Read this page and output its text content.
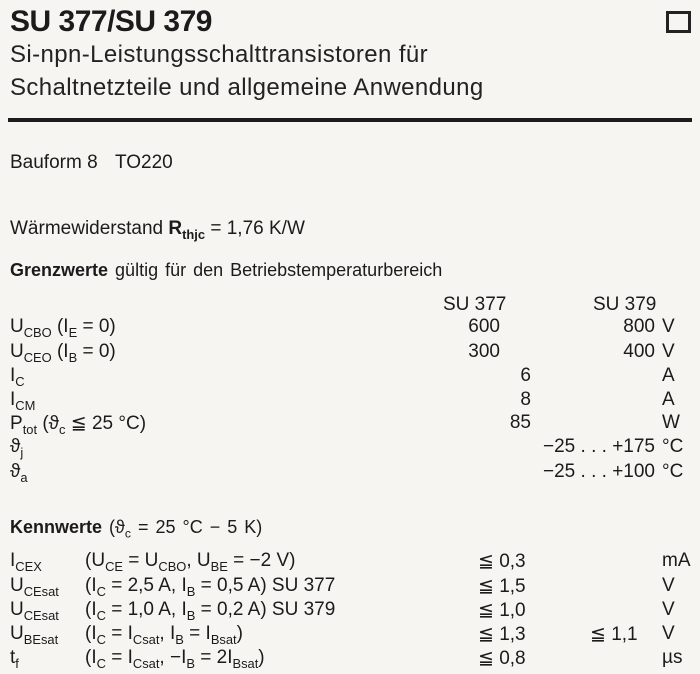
SU 377/SU 379
Si-npn-Leistungsschalttransistoren für
Schaltnetzteile und allgemeine Anwendung
Bauform 8 TO220
Wärmewiderstand $R_{thjc} = 1,76$ K/W
Grenzwerte gültig für den Betriebstemperaturbereich
SU 377	SU 379
$U_{CBO}$ $(I_E = 0)$	600	800 V
$U_{CEO}$ $(I_B = 0)$	300	400 V
$I_C$	6	A
$I_{CM}$	8	A
$P_{tot}$ ($ϑ_c$ ≦ 25 °C)	85	W
$ϑ_j$	−25 . . . +175 °C
$ϑ_a$	−25 . . . +100 °C
Kennwerte ($ϑ_c = 25$ °C − 5 K)
$I_{CEX}$ ($U_{CE} = U_{CBO}$, $U_{BE} = -2$ V)	≦ 0,3	mA
$U_{CEsat}$ ($I_C = 2,5$ A, $I_B = 0,5$ A) SU 377	≦ 1,5	V
$U_{CEsat}$ ($I_C = 1,0$ A, $I_B = 0,2$ A) SU 379	≦ 1,0	V
$U_{BEsat}$ ($I_C = I_{Csat}$, $I_B = I_{Bsat}$)	≦ 1,3	≦ 1,1 V
$t_f$	($I_C = I_{Csat}$, $-I_B = 2I_{Bsat}$)	≦ 0,8	µs
